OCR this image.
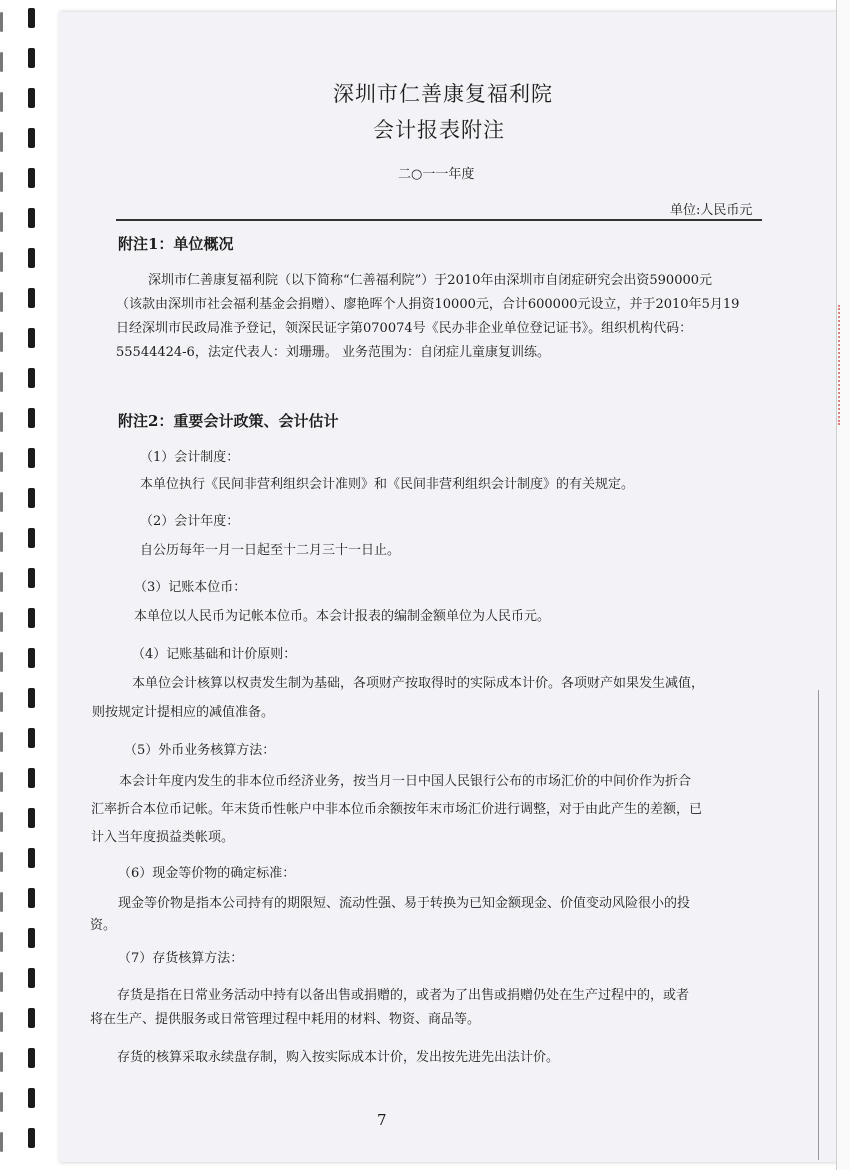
深圳市仁善康复福利院
会计报表附注
二○一一年度
单位:人民币元
附注1：单位概况
深圳市仁善康复福利院（以下简称“仁善福利院”）于2010年由深圳市自闭症研究会出资590000元
（该款由深圳市社会福利基金会捐赠）、廖艳晖个人捐资10000元，合计600000元设立，并于2010年5月19
日经深圳市民政局准予登记，领深民证字第070074号《民办非企业单位登记证书》。组织机构代码：
55544424-6，法定代表人：刘珊珊。 业务范围为：自闭症儿童康复训练。
附注2：重要会计政策、会计估计
（1）会计制度：
本单位执行《民间非营利组织会计准则》和《民间非营利组织会计制度》的有关规定。
（2）会计年度：
自公历每年一月一日起至十二月三十一日止。
（3）记账本位币：
本单位以人民币为记帐本位币。本会计报表的编制金额单位为人民币元。
（4）记账基础和计价原则：
本单位会计核算以权责发生制为基础，各项财产按取得时的实际成本计价。各项财产如果发生减值，
则按规定计提相应的减值准备。
（5）外币业务核算方法：
本会计年度内发生的非本位币经济业务，按当月一日中国人民银行公布的市场汇价的中间价作为折合
汇率折合本位币记帐。年末货币性帐户中非本位币余额按年末市场汇价进行调整，对于由此产生的差额，已
计入当年度损益类帐项。
（6）现金等价物的确定标准：
现金等价物是指本公司持有的期限短、流动性强、易于转换为已知金额现金、价值变动风险很小的投
资。
（7）存货核算方法：
存货是指在日常业务活动中持有以备出售或捐赠的，或者为了出售或捐赠仍处在生产过程中的，或者
将在生产、提供服务或日常管理过程中耗用的材料、物资、商品等。
存货的核算采取永续盘存制，购入按实际成本计价，发出按先进先出法计价。
7
